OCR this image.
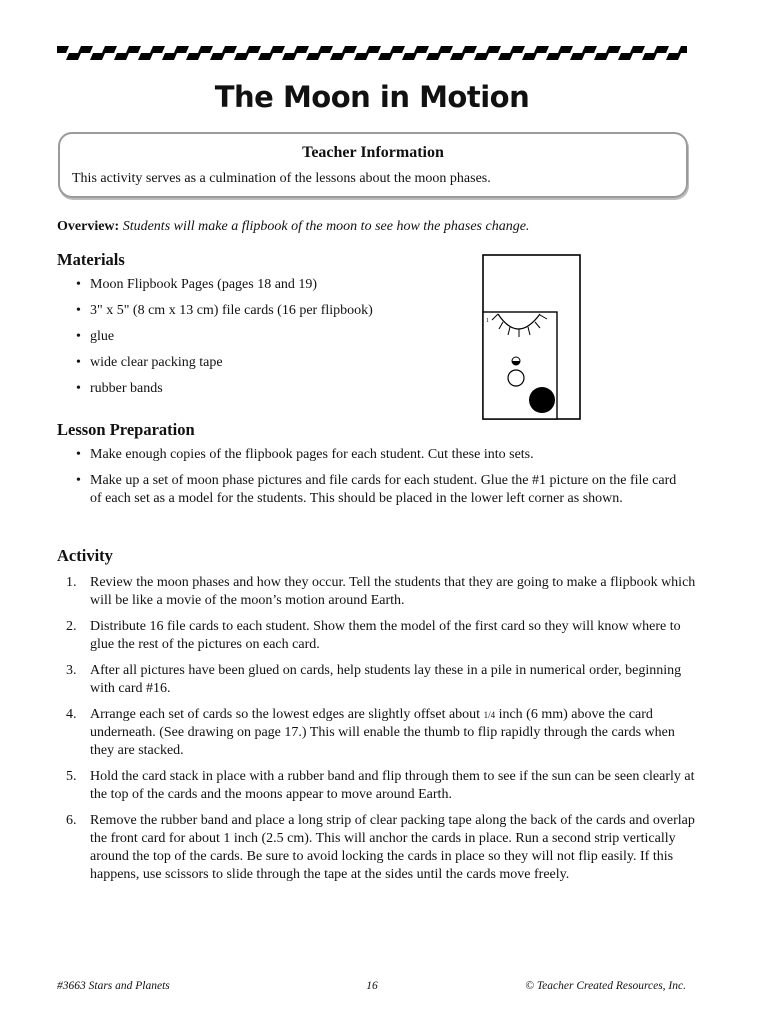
The Moon in Motion
Teacher Information
This activity serves as a culmination of the lessons about the moon phases.
Overview: Students will make a flipbook of the moon to see how the phases change.
Materials
• Moon Flipbook Pages (pages 18 and 19)
• 3" x 5" (8 cm x 13 cm) file cards (16 per flipbook)
• glue
• wide clear packing tape
• rubber bands
1
Lesson Preparation
• Make enough copies of the flipbook pages for each student. Cut these into sets.
• Make up a set of moon phase pictures and file cards for each student. Glue the #1 picture on the file card of each set as a model for the students. This should be placed in the lower left corner as shown.
Activity
1. Review the moon phases and how they occur. Tell the students that they are going to make a flipbook which will be like a movie of the moon’s motion around Earth.
2. Distribute 16 file cards to each student. Show them the model of the first card so they will know where to glue the rest of the pictures on each card.
3. After all pictures have been glued on cards, help students lay these in a pile in numerical order, beginning with card #16.
4. Arrange each set of cards so the lowest edges are slightly offset about 1/4 inch (6 mm) above the card underneath. (See drawing on page 17.) This will enable the thumb to flip rapidly through the cards when they are stacked.
5. Hold the card stack in place with a rubber band and flip through them to see if the sun can be seen clearly at the top of the cards and the moons appear to move around Earth.
6. Remove the rubber band and place a long strip of clear packing tape along the back of the cards and overlap the front card for about 1 inch (2.5 cm). This will anchor the cards in place. Run a second strip vertically around the top of the cards. Be sure to avoid locking the cards in place so they will not flip easily. If this happens, use scissors to slide through the tape at the sides until the cards move freely.
#3663 Stars and Planets	16	© Teacher Created Resources, Inc.
